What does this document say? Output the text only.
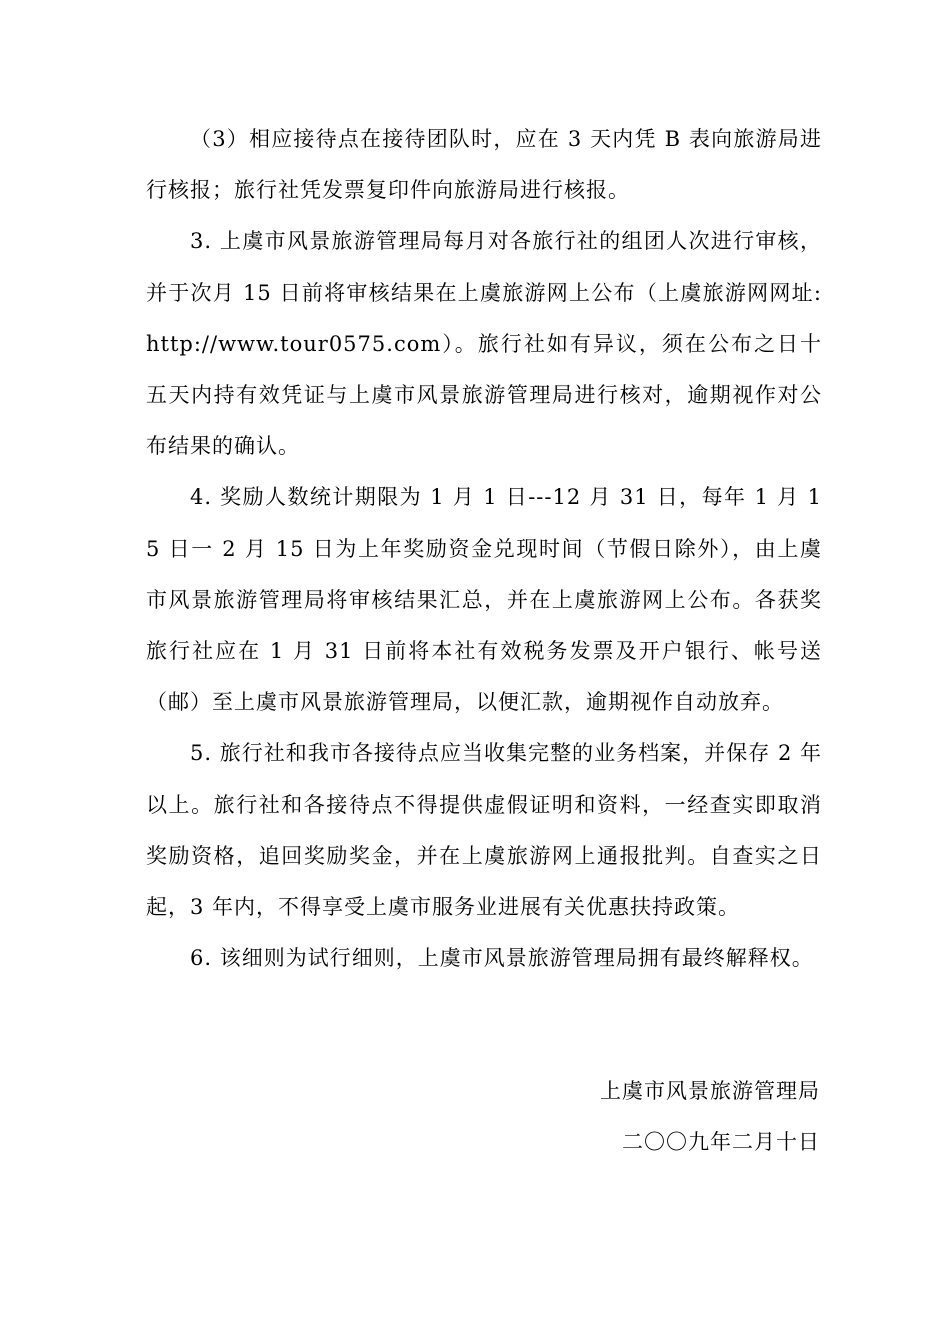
（3）相应接待点在接待团队时，应在 3 天内凭 B 表向旅游局进行核报；旅行社凭发票复印件向旅游局进行核报。

3. 上虞市风景旅游管理局每月对各旅行社的组团人次进行审核，并于次月 15 日前将审核结果在上虞旅游网上公布（上虞旅游网网址: http://www.tour0575.com）。旅行社如有异议，须在公布之日十五天内持有效凭证与上虞市风景旅游管理局进行核对，逾期视作对公布结果的确认。

4. 奖励人数统计期限为 1 月 1 日---12 月 31 日，每年 1 月 15 日一 2 月 15 日为上年奖励资金兑现时间（节假日除外），由上虞市风景旅游管理局将审核结果汇总，并在上虞旅游网上公布。各获奖旅行社应在 1 月 31 日前将本社有效税务发票及开户银行、帐号送（邮）至上虞市风景旅游管理局，以便汇款，逾期视作自动放弃。

5. 旅行社和我市各接待点应当收集完整的业务档案，并保存 2 年以上。旅行社和各接待点不得提供虚假证明和资料，一经查实即取消奖励资格，追回奖励奖金，并在上虞旅游网上通报批判。自查实之日起，3 年内，不得享受上虞市服务业进展有关优惠扶持政策。

6. 该细则为试行细则，上虞市风景旅游管理局拥有最终解释权。

上虞市风景旅游管理局

二〇〇九年二月十日
